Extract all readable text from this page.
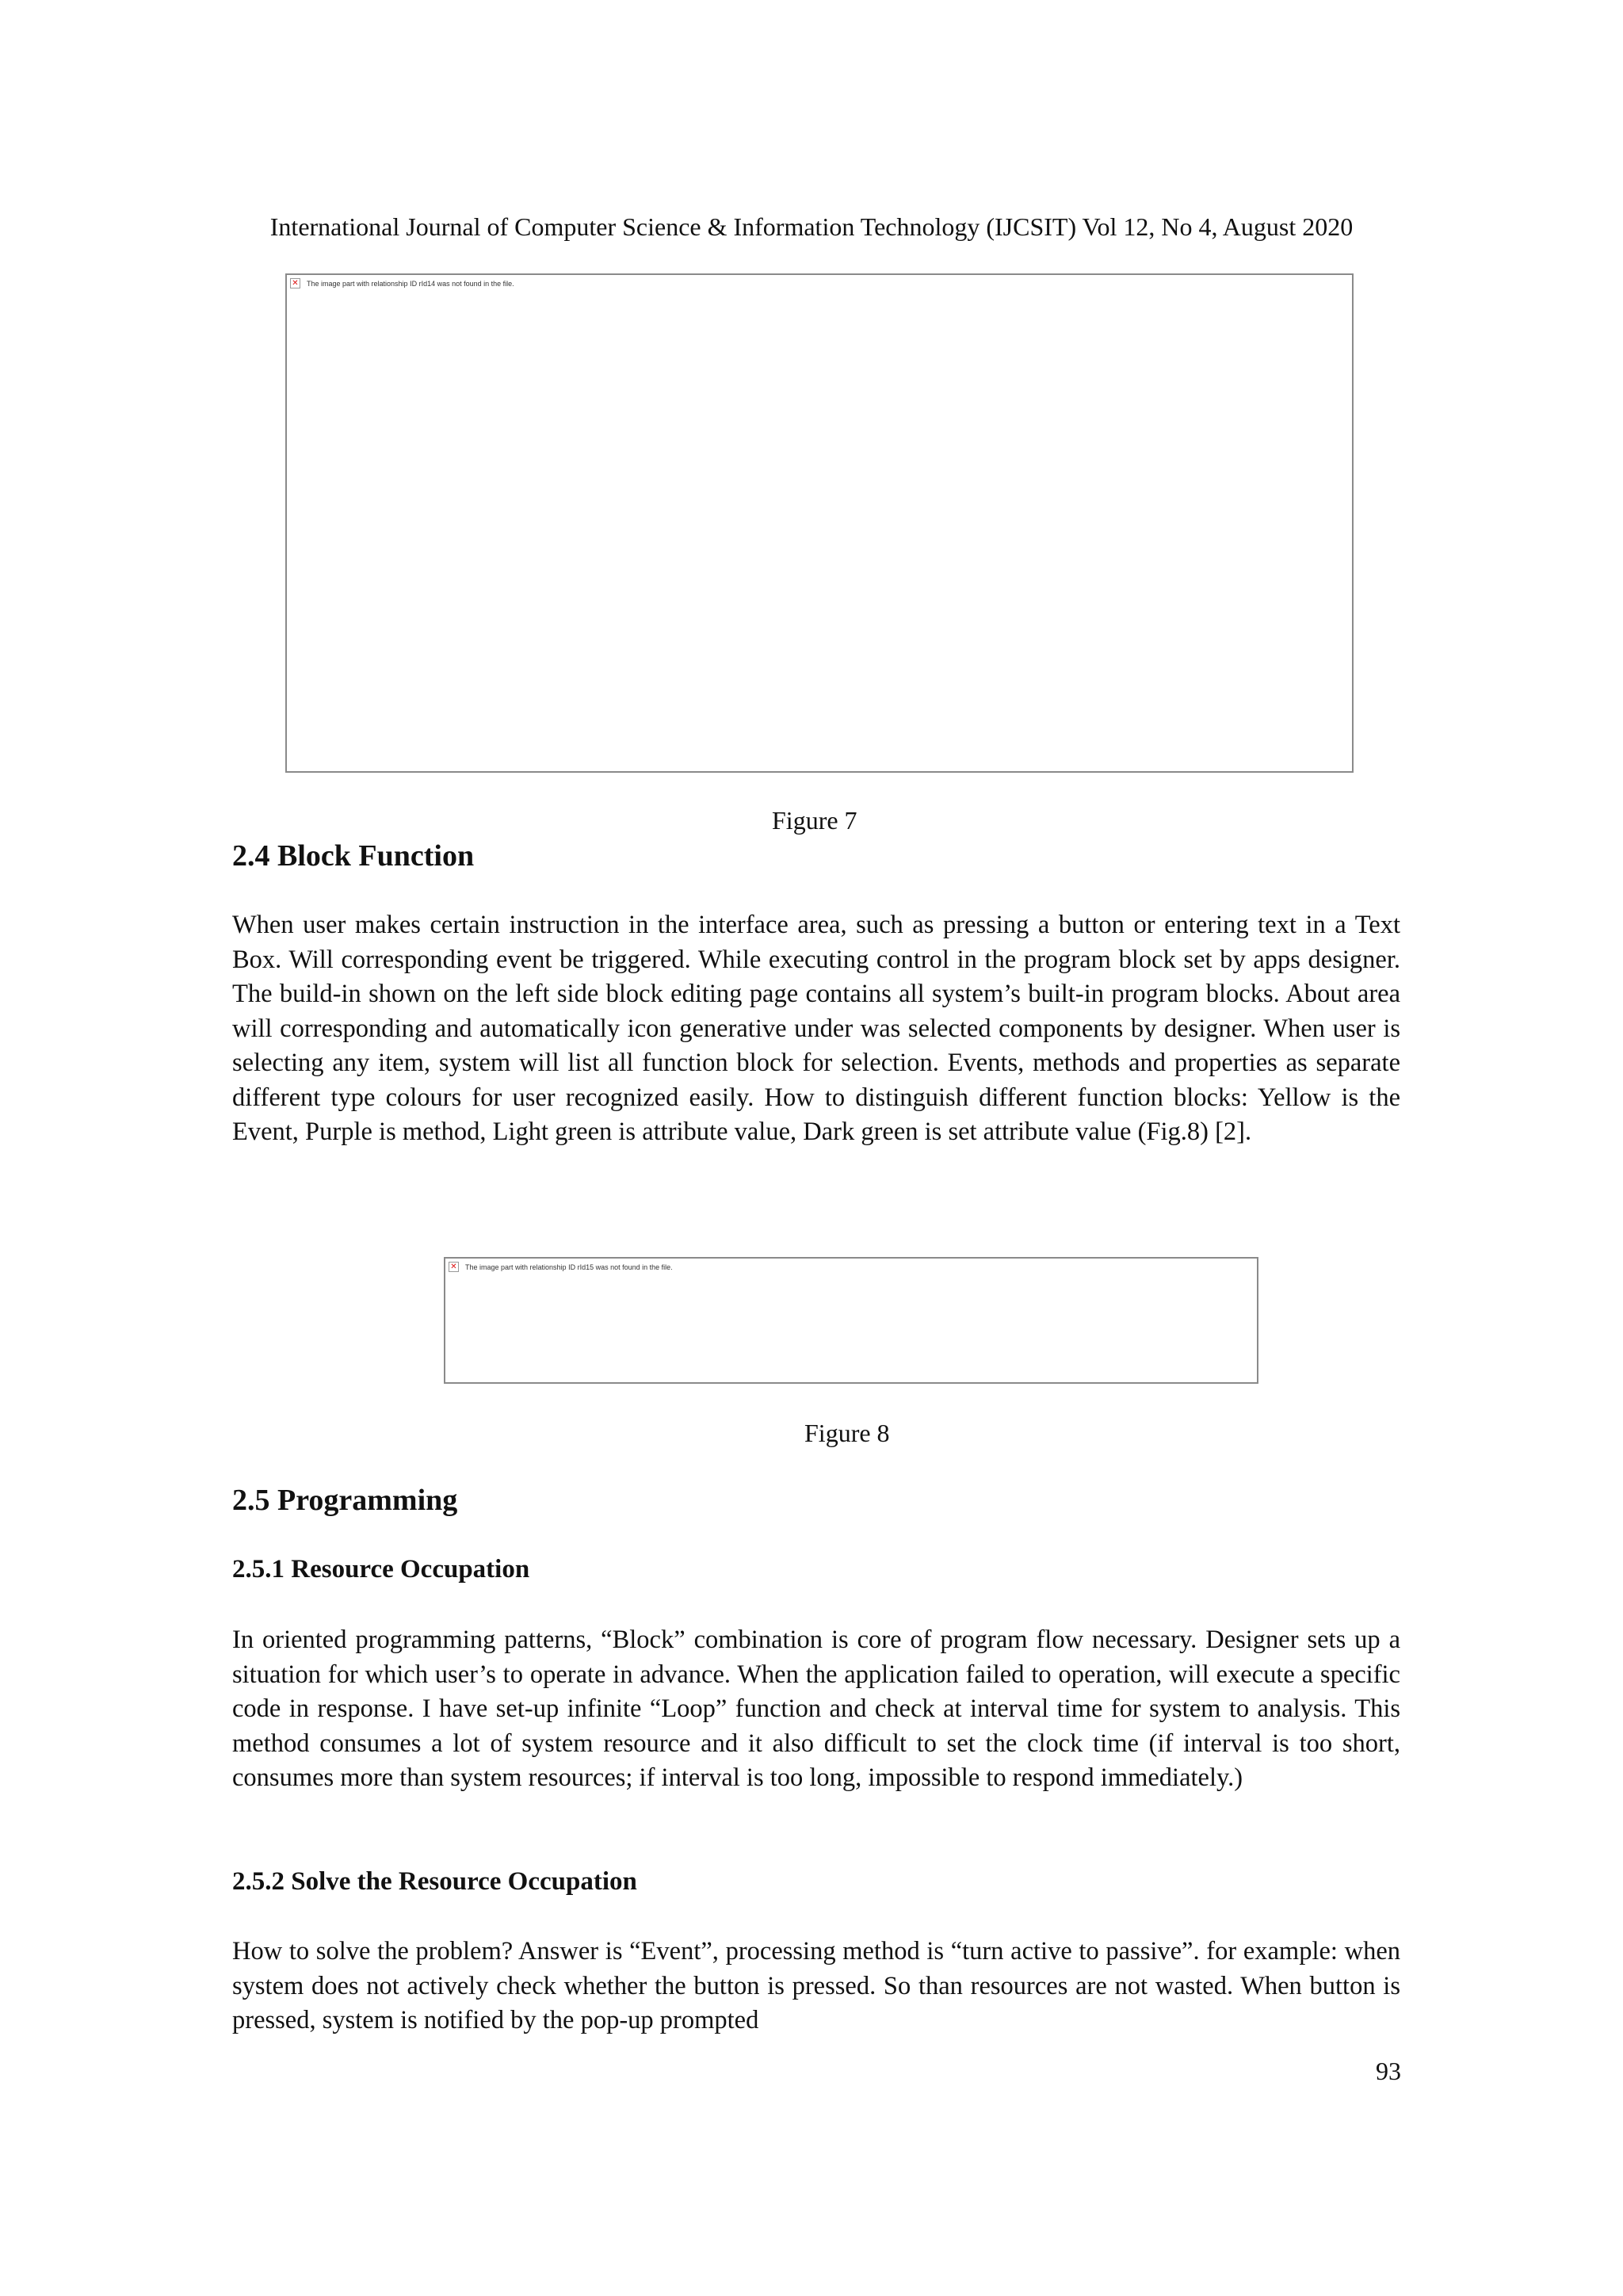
International Journal of Computer Science & Information Technology (IJCSIT) Vol 12, No 4, August 2020
✕ The image part with relationship ID rId14 was not found in the file.
Figure 7
2.4 Block Function

When user makes certain instruction in the interface area, such as pressing a button or entering text in a Text Box. Will corresponding event be triggered. While executing control in the program block set by apps designer. The build-in shown on the left side block editing page contains all system’s built-in program blocks. About area will corresponding and automatically icon generative under was selected components by designer. When user is selecting any item, system will list all function block for selection. Events, methods and properties as separate different type colours for user recognized easily. How to distinguish different function blocks: Yellow is the Event, Purple is method, Light green is attribute value, Dark green is set attribute value (Fig.8) [2].

✕ The image part with relationship ID rId15 was not found in the file.
Figure 8
2.5 Programming
2.5.1 Resource Occupation

In oriented programming patterns, “Block” combination is core of program flow necessary. Designer sets up a situation for which user’s to operate in advance. When the application failed to operation, will execute a specific code in response. I have set-up infinite “Loop” function and check at interval time for system to analysis. This method consumes a lot of system resource and it also difficult to set the clock time (if interval is too short, consumes more than system resources; if interval is too long, impossible to respond immediately.)

2.5.2 Solve the Resource Occupation

How to solve the problem? Answer is “Event”, processing method is “turn active to passive”. for example: when system does not actively check whether the button is pressed. So than resources are not wasted. When button is pressed, system is notified by the pop-up prompted

93
